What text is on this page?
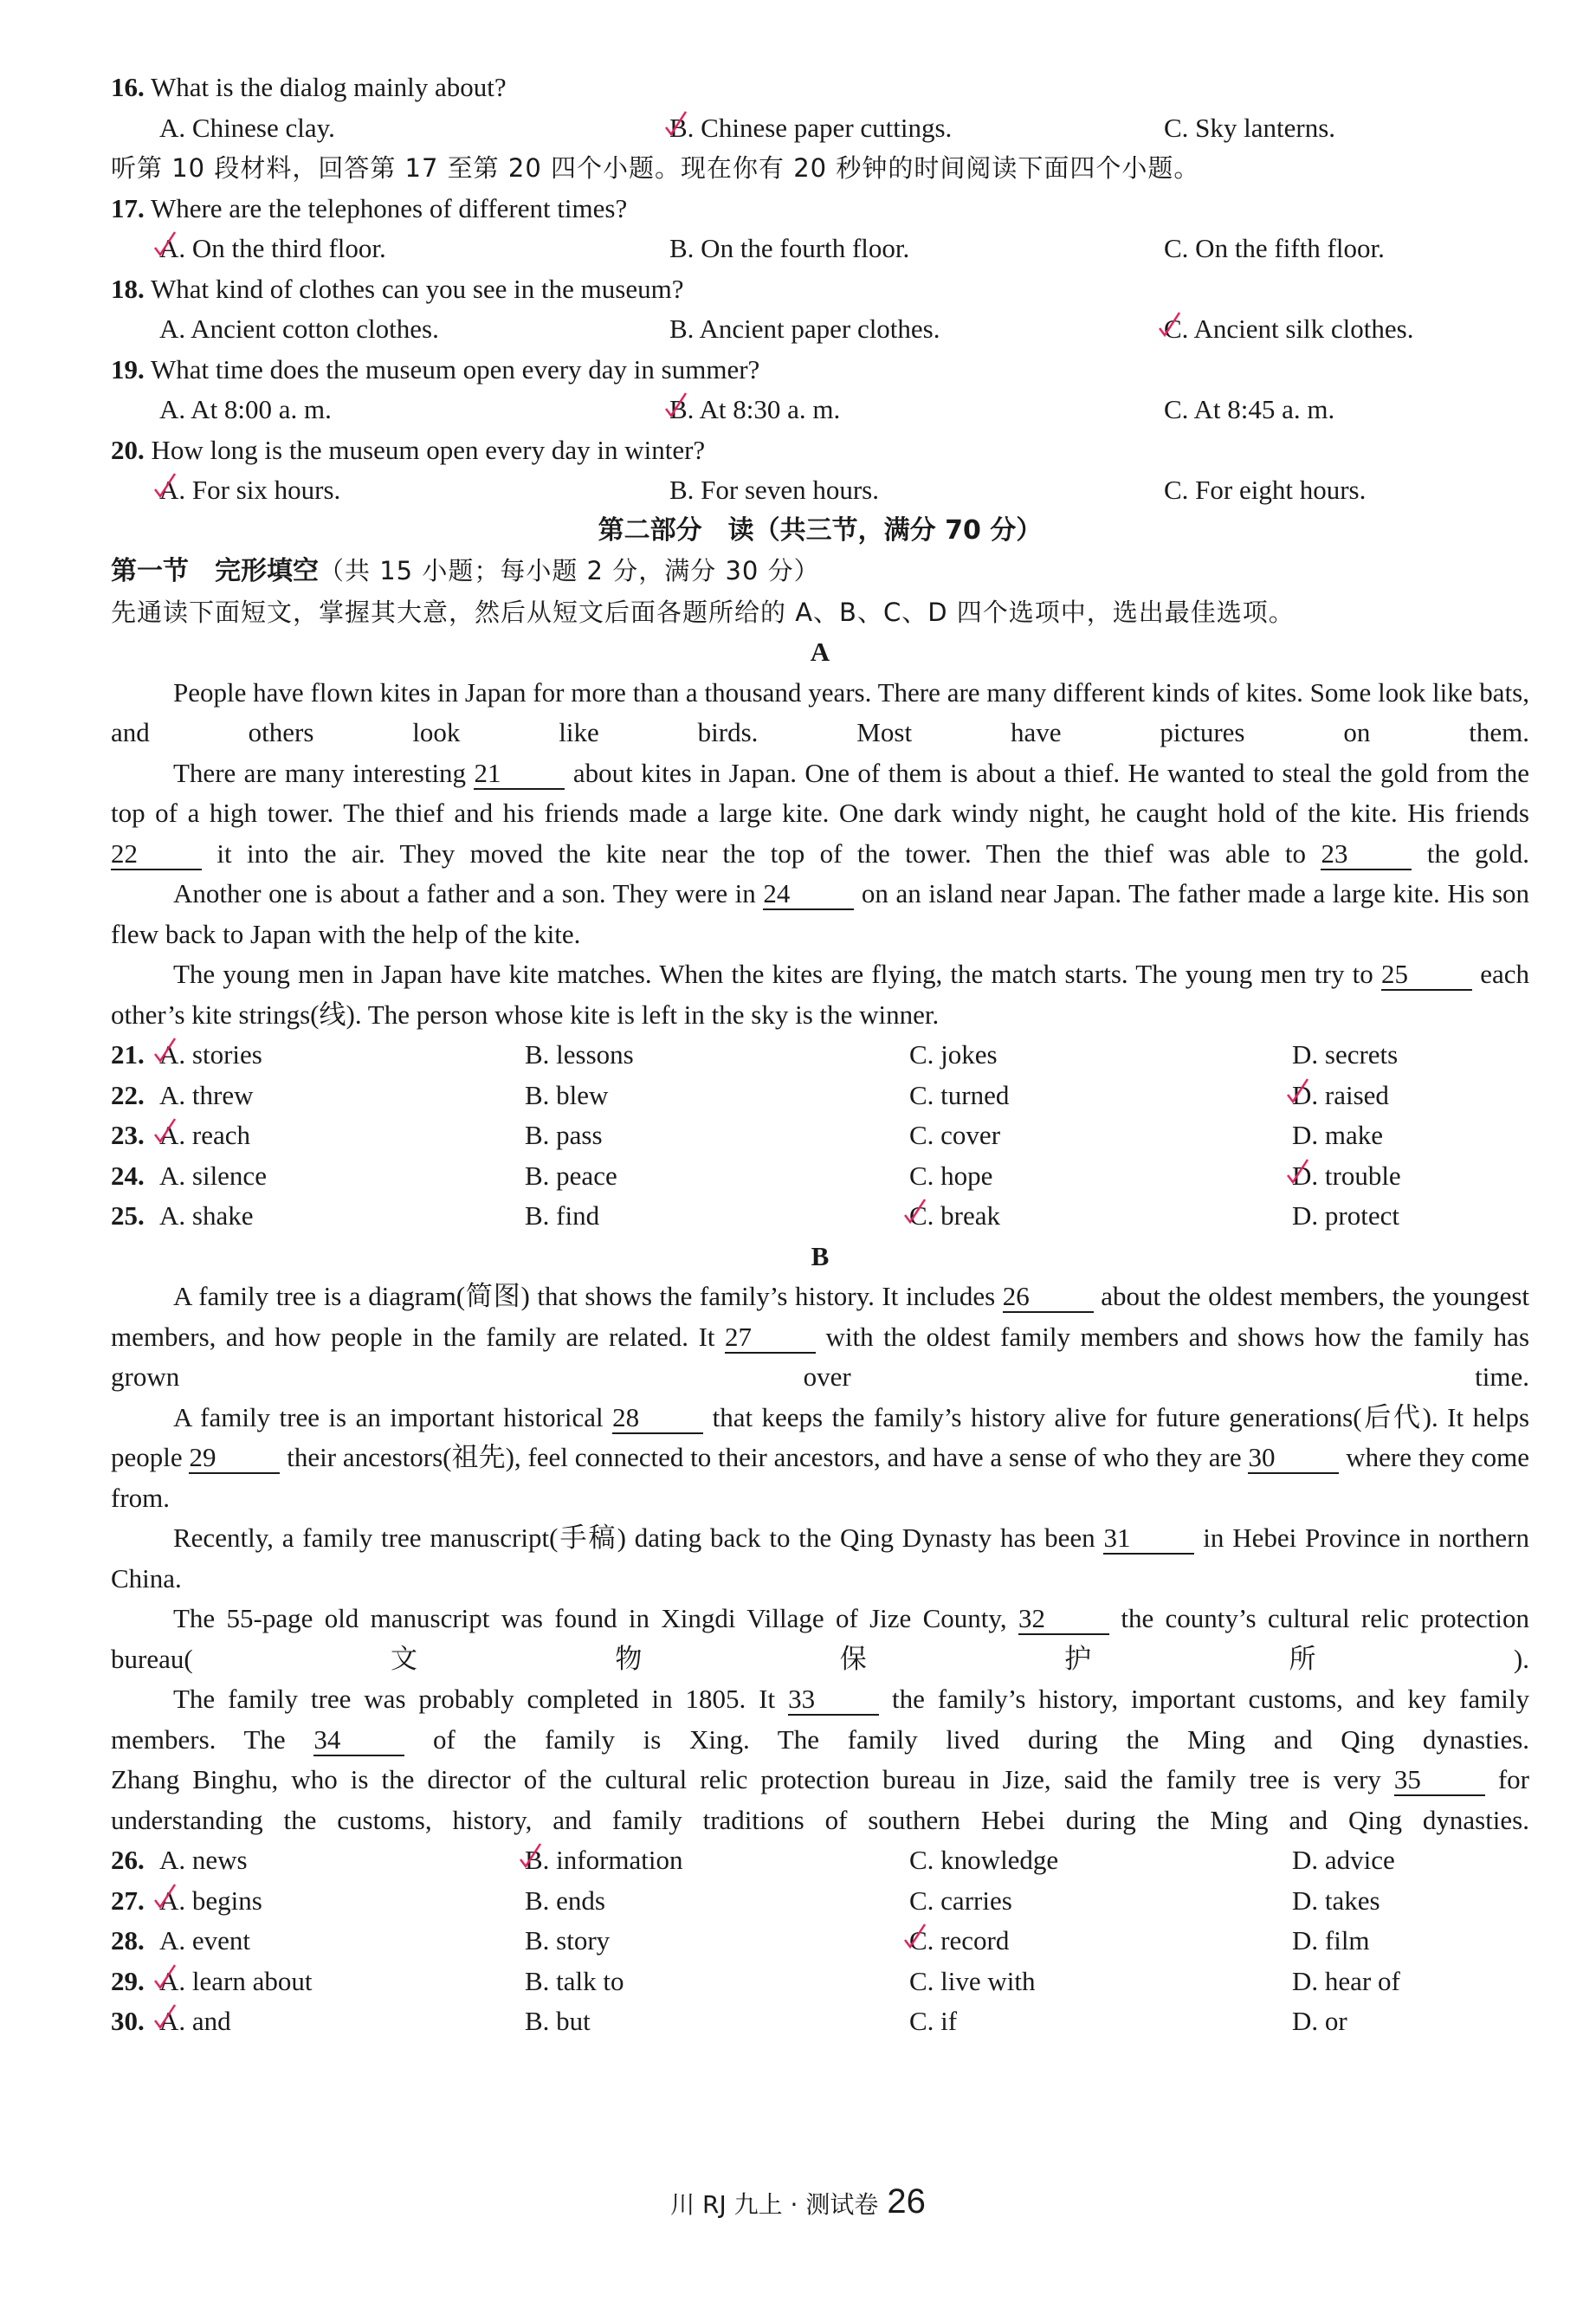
16. What is the dialog mainly about?
A. Chinese clay.	B. Chinese paper cuttings.	C. Sky lanterns.
听第 10 段材料，回答第 17 至第 20 四个小题。现在你有 20 秒钟的时间阅读下面四个小题。
17. Where are the telephones of different times?
A. On the third floor.	B. On the fourth floor.	C. On the fifth floor.
18. What kind of clothes can you see in the museum?
A. Ancient cotton clothes.	B. Ancient paper clothes.	C. Ancient silk clothes.
19. What time does the museum open every day in summer?
A. At 8:00 a. m.	B. At 8:30 a. m.	C. At 8:45 a. m.
20. How long is the museum open every day in winter?
A. For six hours.	B. For seven hours.	C. For eight hours.
第二部分　读（共三节，满分 70 分）
第一节　完形填空（共 15 小题；每小题 2 分，满分 30 分）
先通读下面短文，掌握其大意，然后从短文后面各题所给的 A、B、C、D 四个选项中，选出最佳选项。
A
People have flown kites in Japan for more than a thousand years. There are many different kinds of kites. Some look like bats, and others look like birds. Most have pictures on them.
There are many interesting 21	about kites in Japan. One of them is about a thief. He wanted to steal the gold from the top of a high tower. The thief and his friends made a large kite. One dark windy night, he caught hold of the kite. His friends 22	it into the air. They moved the kite near the top of the tower. Then the thief was able to 23	the gold.
Another one is about a father and a son. They were in 24	on an island near Japan. The father made a large kite. His son flew back to Japan with the help of the kite.
The young men in Japan have kite matches. When the kites are flying, the match starts. The young men try to 25	each other’s kite strings(线). The person whose kite is left in the sky is the winner.
21. A. stories	B. lessons	C. jokes	D. secrets
22. A. threw	B. blew	C. turned	D. raised
23. A. reach	B. pass	C. cover	D. make
24. A. silence	B. peace	C. hope	D. trouble
25. A. shake	B. find	C. break	D. protect
B
A family tree is a diagram(简图) that shows the family’s history. It includes 26	about the oldest members, the youngest members, and how people in the family are related. It 27	with the oldest family members and shows how the family has grown over time.
A family tree is an important historical 28	that keeps the family’s history alive for future generations(后代). It helps people 29	their ancestors(祖先), feel connected to their ancestors, and have a sense of who they are 30	where they come from.
Recently, a family tree manuscript(手稿) dating back to the Qing Dynasty has been 31	in Hebei Province in northern China.
The 55-page old manuscript was found in Xingdi Village of Jize County, 32	the county’s cultural relic protection bureau(文物保护所).
The family tree was probably completed in 1805. It 33	the family’s history, important customs, and key family members. The 34	of the family is Xing. The family lived during the Ming and Qing dynasties.
Zhang Binghu, who is the director of the cultural relic protection bureau in Jize, said the family tree is very 35	for understanding the customs, history, and family traditions of southern Hebei during the Ming and Qing dynasties.
26. A. news	B. information	C. knowledge	D. advice
27. A. begins	B. ends	C. carries	D. takes
28. A. event	B. story	C. record	D. film
29. A. learn about	B. talk to	C. live with	D. hear of
30. A. and	B. but	C. if	D. or
川 RJ 九上 · 测试卷 26
